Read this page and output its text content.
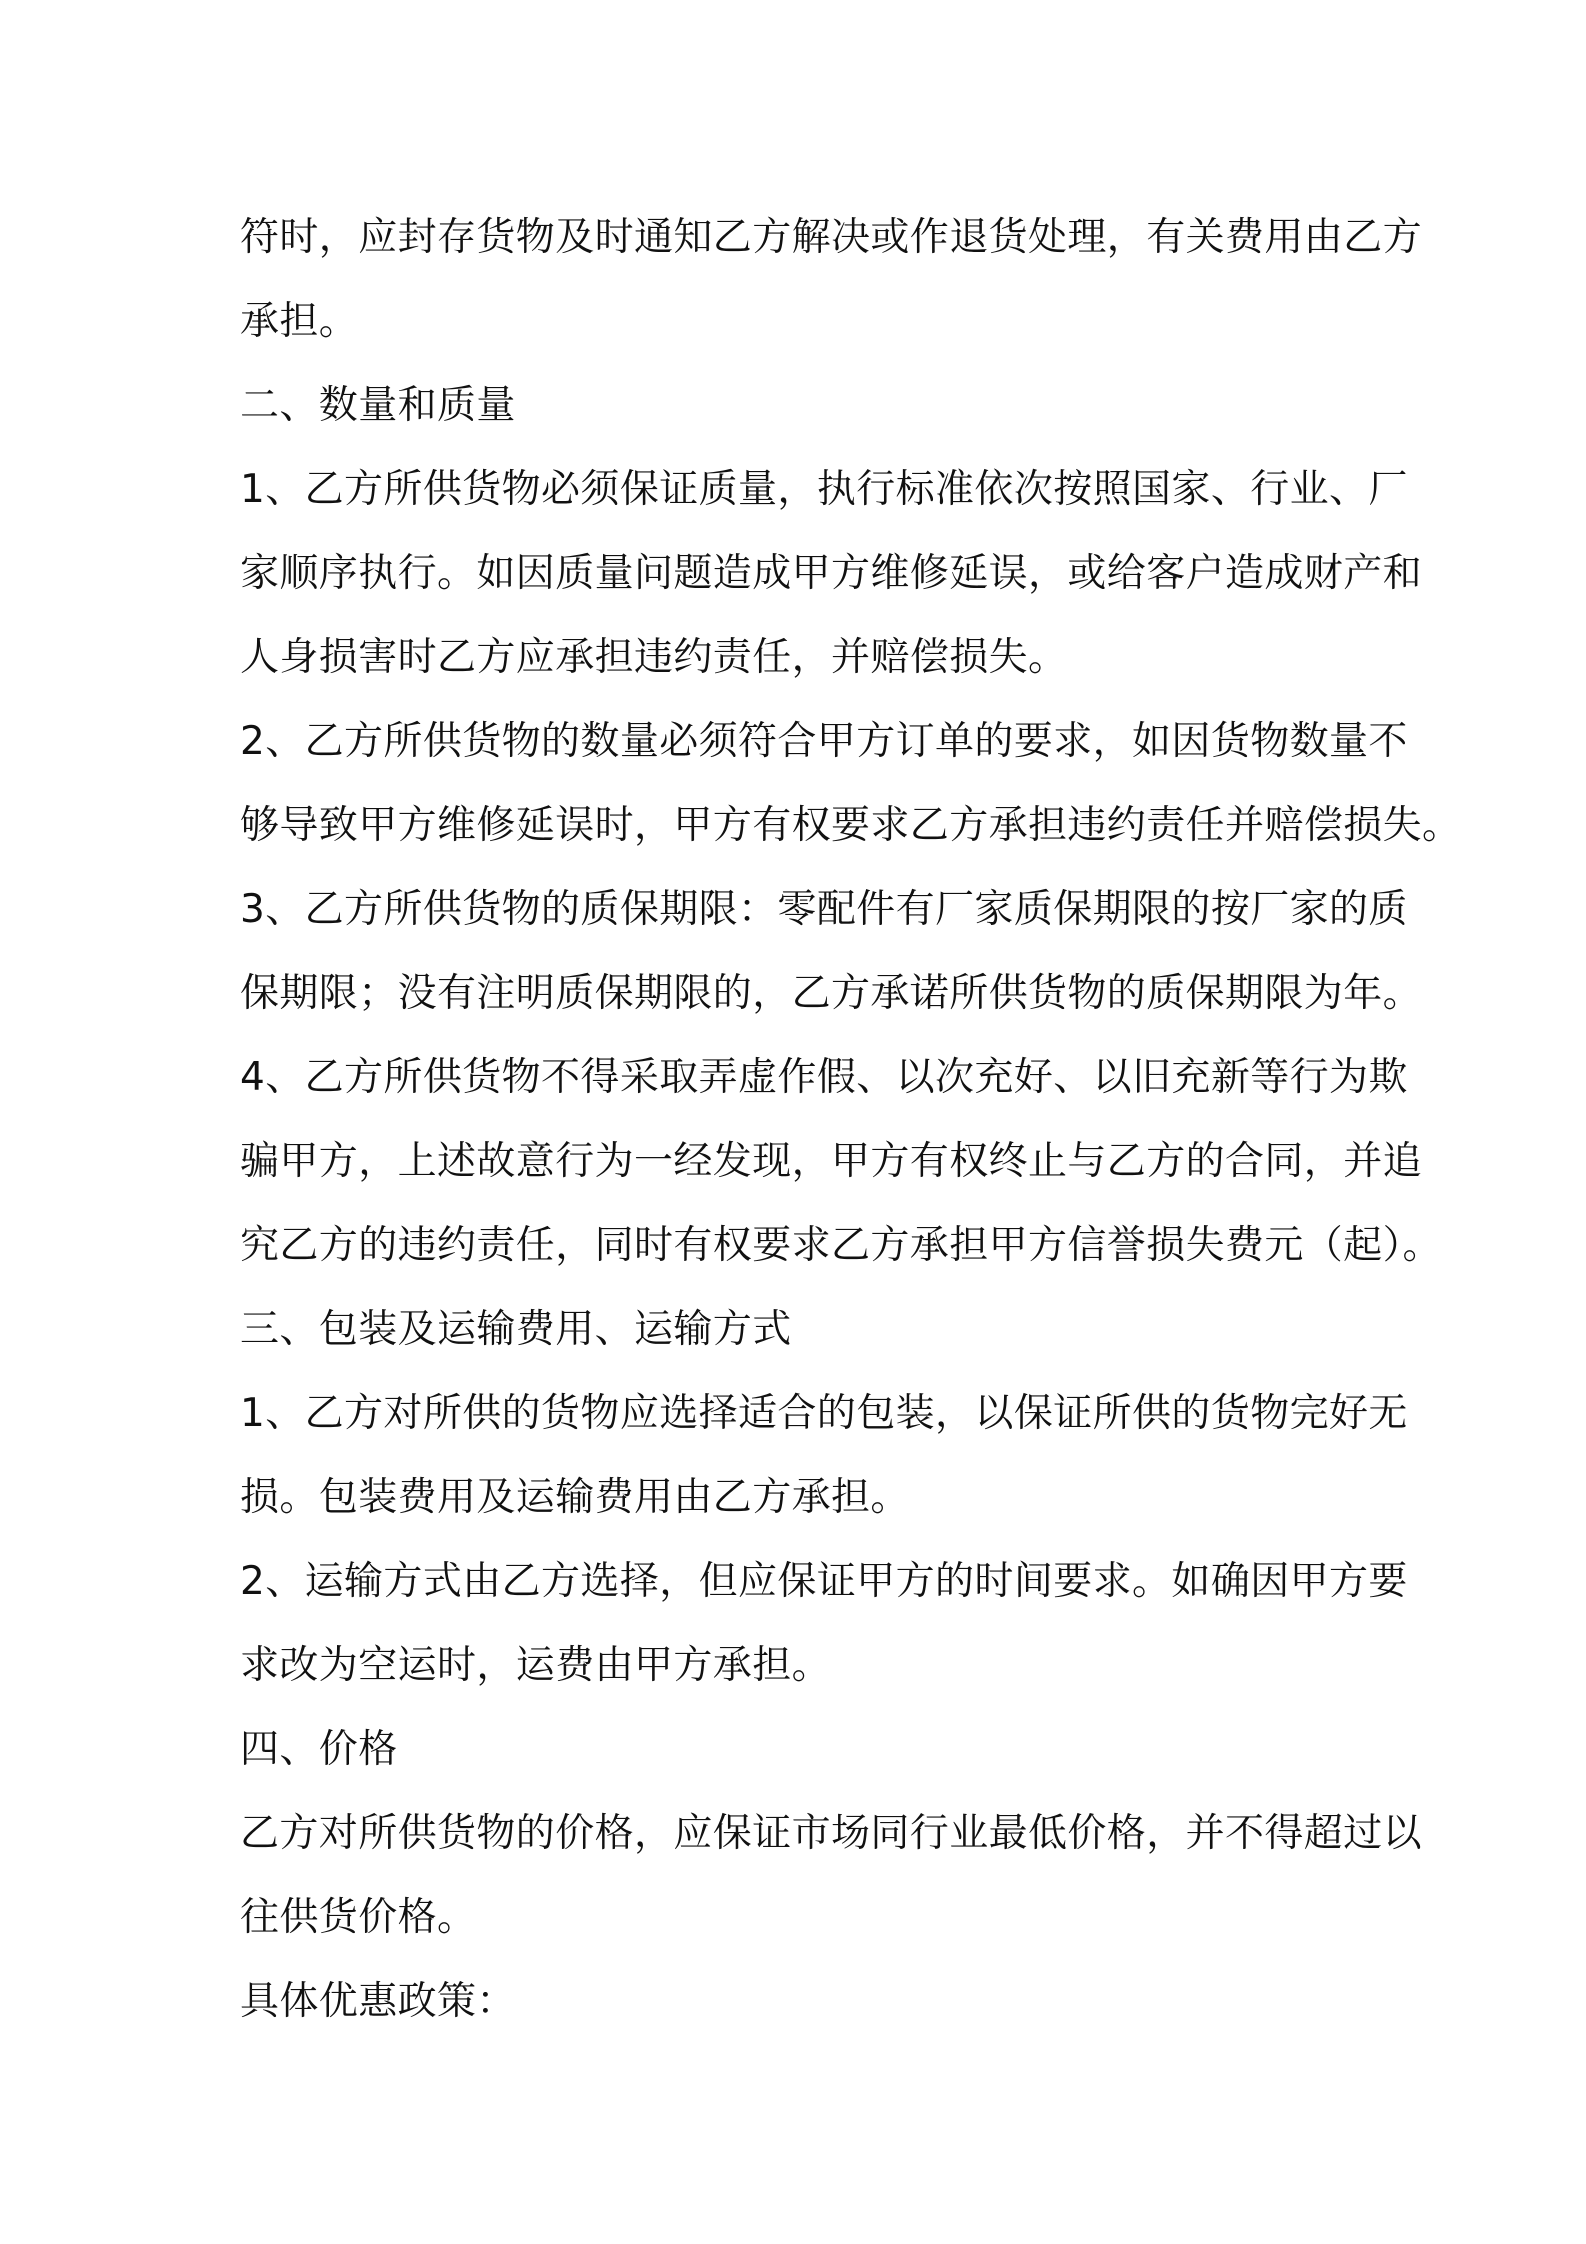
符时，应封存货物及时通知乙方解决或作退货处理，有关费用由乙方
承担。
二、数量和质量
1、乙方所供货物必须保证质量，执行标准依次按照国家、行业、厂
家顺序执行。如因质量问题造成甲方维修延误，或给客户造成财产和
人身损害时乙方应承担违约责任，并赔偿损失。
2、乙方所供货物的数量必须符合甲方订单的要求，如因货物数量不
够导致甲方维修延误时，甲方有权要求乙方承担违约责任并赔偿损失。
3、乙方所供货物的质保期限：零配件有厂家质保期限的按厂家的质
保期限；没有注明质保期限的，乙方承诺所供货物的质保期限为年。
4、乙方所供货物不得采取弄虚作假、以次充好、以旧充新等行为欺
骗甲方，上述故意行为一经发现，甲方有权终止与乙方的合同，并追
究乙方的违约责任，同时有权要求乙方承担甲方信誉损失费元（起）。
三、包装及运输费用、运输方式
1、乙方对所供的货物应选择适合的包装，以保证所供的货物完好无
损。包装费用及运输费用由乙方承担。
2、运输方式由乙方选择，但应保证甲方的时间要求。如确因甲方要
求改为空运时，运费由甲方承担。
四、价格
乙方对所供货物的价格，应保证市场同行业最低价格，并不得超过以
往供货价格。
具体优惠政策：
